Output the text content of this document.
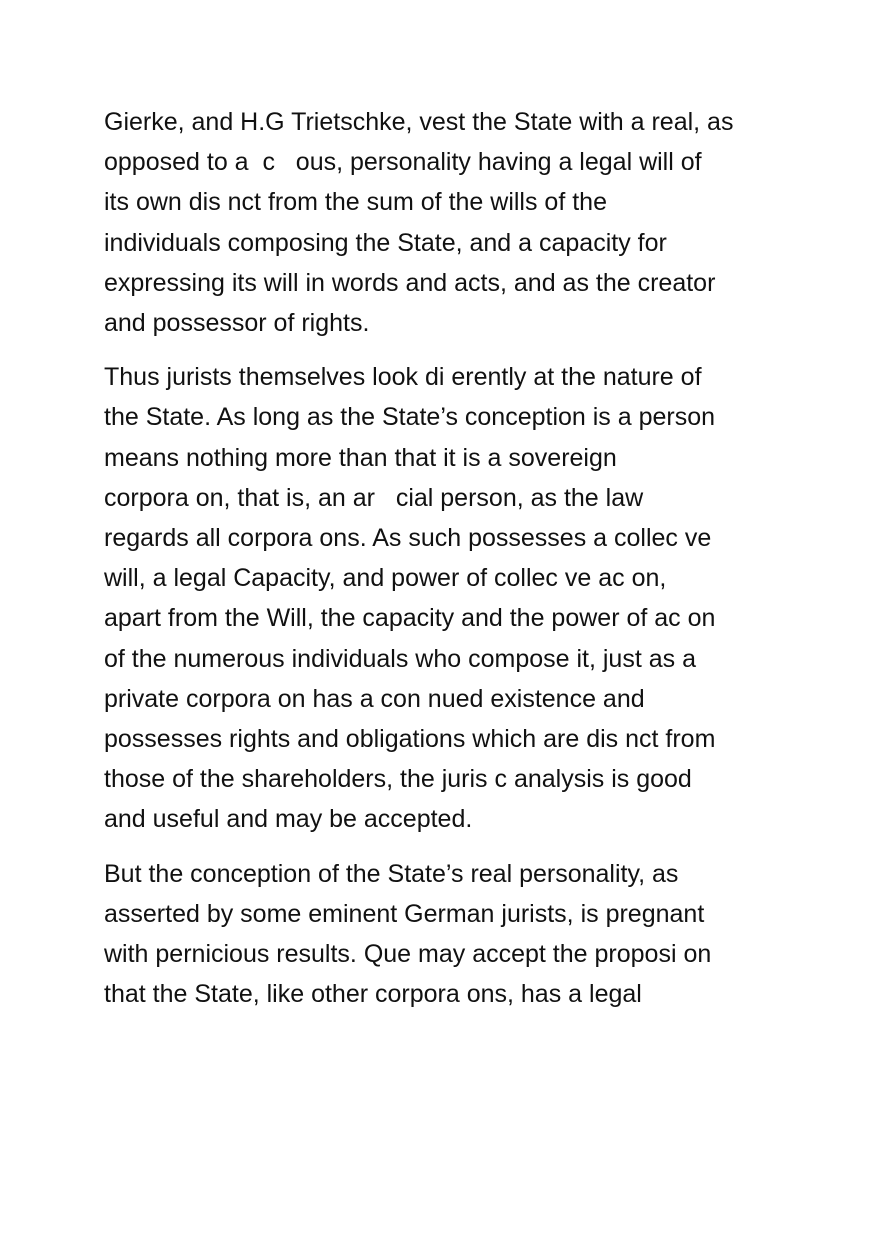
Gierke, and H.G Trietschke, vest the State with a real, as
opposed to a  c   ous, personality having a legal will of
its own dis nct from the sum of the wills of the
individuals composing the State, and a capacity for
expressing its will in words and acts, and as the creator
and possessor of rights.

Thus jurists themselves look di erently at the nature of
the State. As long as the State’s conception is a person
means nothing more than that it is a sovereign
corpora on, that is, an ar   cial person, as the law
regards all corpora ons. As such possesses a collec ve
will, a legal Capacity, and power of collec ve ac on,
apart from the Will, the capacity and the power of ac on
of the numerous individuals who compose it, just as a
private corpora on has a con nued existence and
possesses rights and obligations which are dis nct from
those of the shareholders, the juris c analysis is good
and useful and may be accepted.

But the conception of the State’s real personality, as
asserted by some eminent German jurists, is pregnant
with pernicious results. Que may accept the proposi on
that the State, like other corpora ons, has a legal
